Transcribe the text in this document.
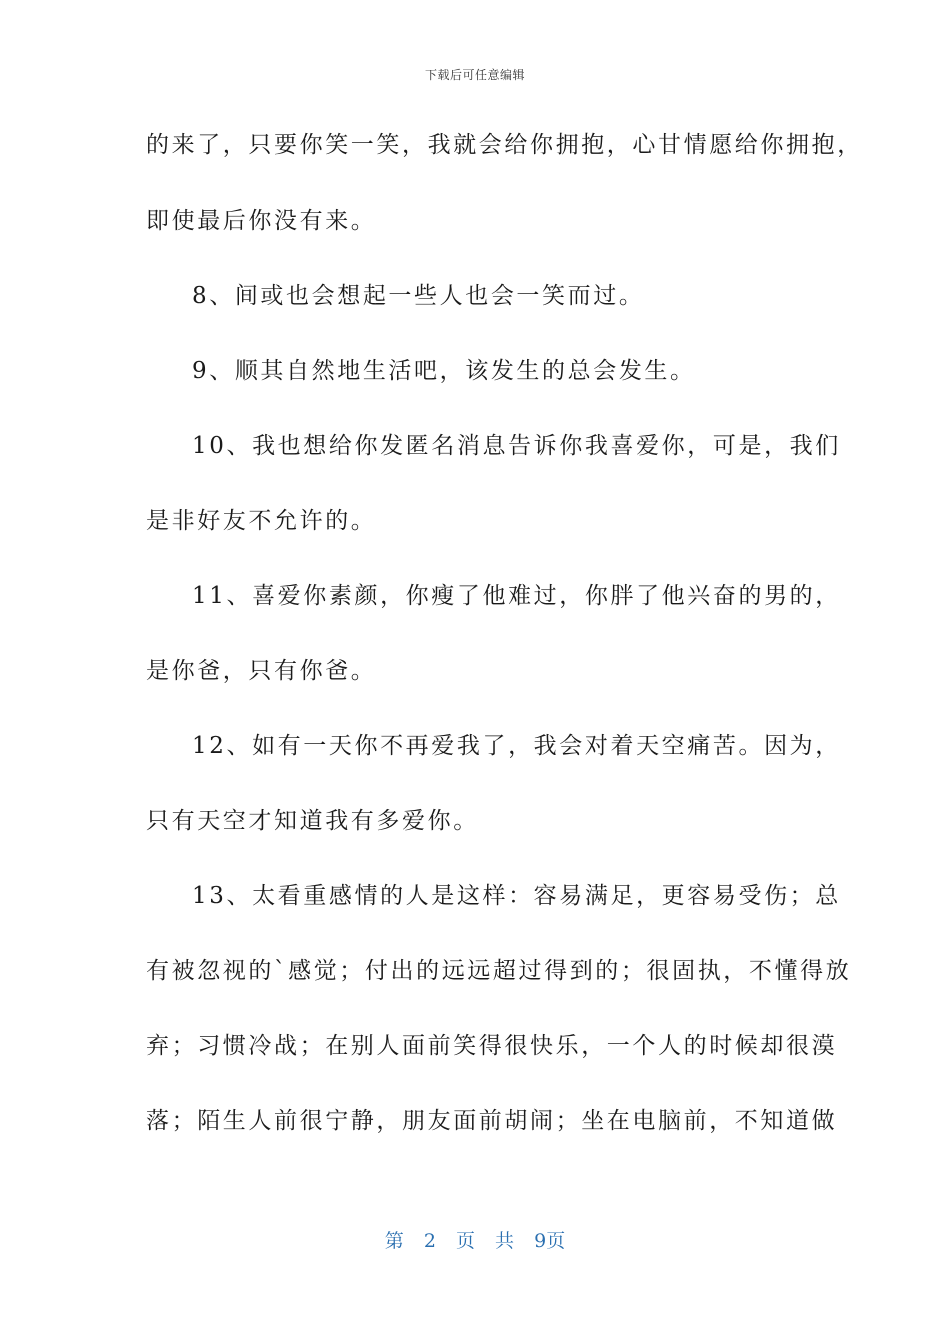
下载后可任意编辑
的来了，只要你笑一笑，我就会给你拥抱，心甘情愿给你拥抱，
即使最后你没有来。
8、间或也会想起一些人也会一笑而过。
9、顺其自然地生活吧，该发生的总会发生。
10、我也想给你发匿名消息告诉你我喜爱你，可是，我们
是非好友不允许的。
11、喜爱你素颜，你瘦了他难过，你胖了他兴奋的男的，
是你爸，只有你爸。
12、如有一天你不再爱我了，我会对着天空痛苦。因为，
只有天空才知道我有多爱你。
13、太看重感情的人是这样：容易满足，更容易受伤；总
有被忽视的`感觉；付出的远远超过得到的；很固执，不懂得放
弃；习惯冷战；在别人面前笑得很快乐，一个人的时候却很漠
落；陌生人前很宁静，朋友面前胡闹；坐在电脑前，不知道做
第 2 页 共 9页
